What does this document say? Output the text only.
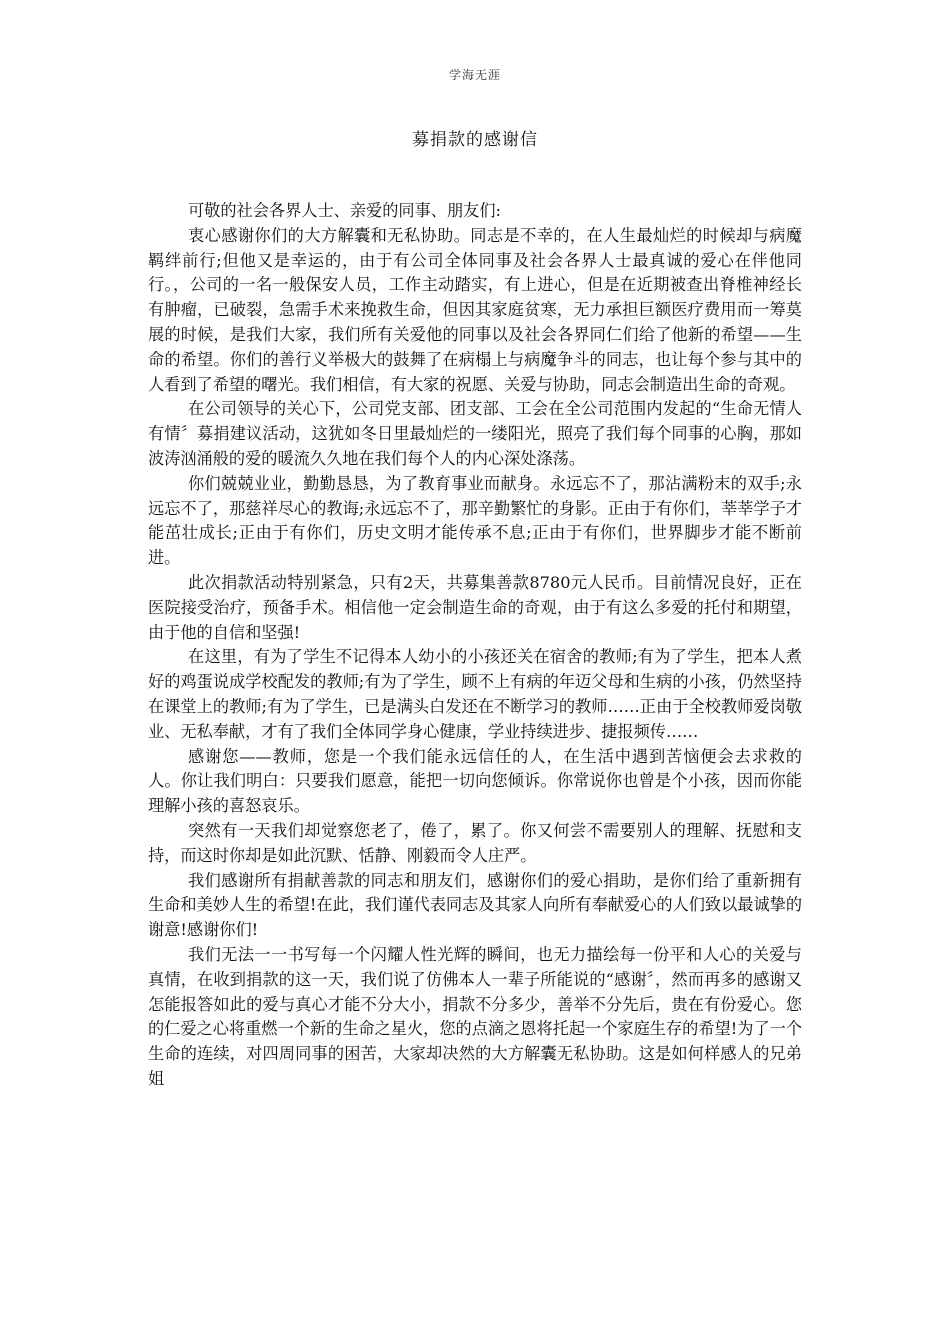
学海无涯
募捐款的感谢信

可敬的社会各界人士、亲爱的同事、朋友们:

衷心感谢你们的大方解囊和无私协助。同志是不幸的，在人生最灿烂的时候却与病魔羁绊前行;但他又是幸运的，由于有公司全体同事及社会各界人士最真诚的爱心在伴他同行。，公司的一名一般保安人员，工作主动踏实，有上进心，但是在近期被查出脊椎神经长有肿瘤，已破裂，急需手术来挽救生命，但因其家庭贫寒，无力承担巨额医疗费用而一筹莫展的时候，是我们大家，我们所有关爱他的同事以及社会各界同仁们给了他新的希望——生命的希望。你们的善行义举极大的鼓舞了在病榻上与病魔争斗的同志，也让每个参与其中的人看到了希望的曙光。我们相信，有大家的祝愿、关爱与协助，同志会制造出生命的奇观。

在公司领导的关心下，公司党支部、团支部、工会在全公司范围内发起的“生命无情人有情〞募捐建议活动，这犹如冬日里最灿烂的一缕阳光，照亮了我们每个同事的心胸，那如波涛汹涌般的爱的暖流久久地在我们每个人的内心深处涤荡。

你们兢兢业业，勤勤恳恳，为了教育事业而献身。永远忘不了，那沾满粉末的双手;永远忘不了，那慈祥尽心的教诲;永远忘不了，那辛勤繁忙的身影。正由于有你们，莘莘学子才能茁壮成长;正由于有你们，历史文明才能传承不息;正由于有你们，世界脚步才能不断前进。

此次捐款活动特别紧急，只有2天，共募集善款8780元人民币。目前情况良好，正在医院接受治疗，预备手术。相信他一定会制造生命的奇观，由于有这么多爱的托付和期望，由于他的自信和坚强!

在这里，有为了学生不记得本人幼小的小孩还关在宿舍的教师;有为了学生，把本人煮好的鸡蛋说成学校配发的教师;有为了学生，顾不上有病的年迈父母和生病的小孩，仍然坚持在课堂上的教师;有为了学生，已是满头白发还在不断学习的教师……正由于全校教师爱岗敬业、无私奉献，才有了我们全体同学身心健康，学业持续进步、捷报频传……

感谢您——教师，您是一个我们能永远信任的人，在生活中遇到苦恼便会去求救的人。你让我们明白：只要我们愿意，能把一切向您倾诉。你常说你也曾是个小孩，因而你能理解小孩的喜怒哀乐。

突然有一天我们却觉察您老了，倦了，累了。你又何尝不需要别人的理解、抚慰和支持，而这时你却是如此沉默、恬静、刚毅而令人庄严。

我们感谢所有捐献善款的同志和朋友们，感谢你们的爱心捐助，是你们给了重新拥有生命和美妙人生的希望!在此，我们谨代表同志及其家人向所有奉献爱心的人们致以最诚挚的谢意!感谢你们!

我们无法一一书写每一个闪耀人性光辉的瞬间，也无力描绘每一份平和人心的关爱与真情，在收到捐款的这一天，我们说了仿佛本人一辈子所能说的“感谢〞，然而再多的感谢又怎能报答如此的爱与真心才能不分大小，捐款不分多少，善举不分先后，贵在有份爱心。您的仁爱之心将重燃一个新的生命之星火，您的点滴之恩将托起一个家庭生存的希望!为了一个生命的连续，对四周同事的困苦，大家却决然的大方解囊无私协助。这是如何样感人的兄弟姐
